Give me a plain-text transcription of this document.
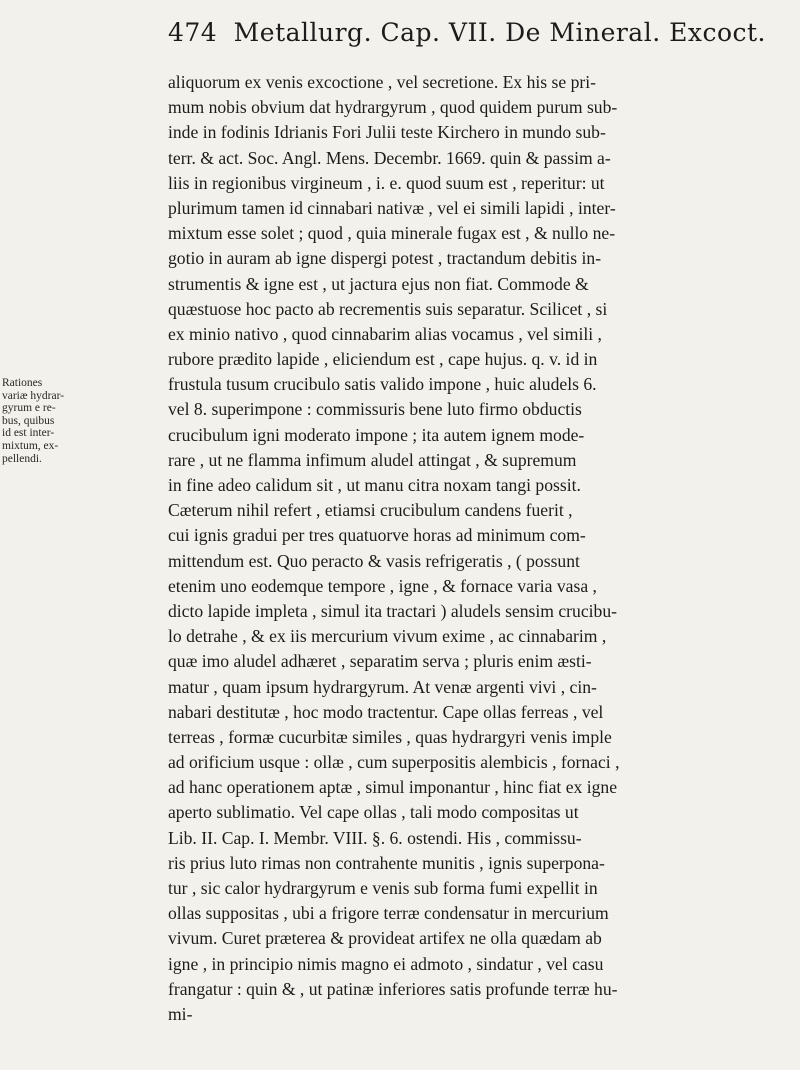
474 Metallurg. Cap. VII. De Mineral. Excoct.
Rationes
variæ hydrar-
gyrum e re-
bus, quibus
id est inter-
mixtum, ex-
pellendi.
aliquorum ex venis excoctione , vel secretione. Ex his se pri-
mum nobis obvium dat hydrargyrum , quod quidem purum sub-
inde in fodinis Idrianis Fori Julii teste Kirchero in mundo sub-
terr. & act. Soc. Angl. Mens. Decembr. 1669. quin & passim a-
liis in regionibus virgineum , i. e. quod suum est , reperitur: ut
plurimum tamen id cinnabari nativæ , vel ei simili lapidi , inter-
mixtum esse solet ; quod , quia minerale fugax est , & nullo ne-
gotio in auram ab igne dispergi potest , tractandum debitis in-
strumentis & igne est , ut jactura ejus non fiat. Commode &
quæstuose hoc pacto ab recrementis suis separatur. Scilicet , si
ex minio nativo , quod cinnabarim alias vocamus , vel simili ,
rubore prædito lapide , eliciendum est , cape hujus. q. v. id in
frustula tusum crucibulo satis valido impone , huic aludels 6.
vel 8. superimpone : commissuris bene luto firmo obductis
crucibulum igni moderato impone ; ita autem ignem mode-
rare , ut ne flamma infimum aludel attingat , & supremum
in fine adeo calidum sit , ut manu citra noxam tangi possit.
Cæterum nihil refert , etiamsi crucibulum candens fuerit ,
cui ignis gradui per tres quatuorve horas ad minimum com-
mittendum est. Quo peracto & vasis refrigeratis , ( possunt
etenim uno eodemque tempore , igne , & fornace varia vasa ,
dicto lapide impleta , simul ita tractari ) aludels sensim crucibu-
lo detrahe , & ex iis mercurium vivum exime , ac cinnabarim ,
quæ imo aludel adhæret , separatim serva ; pluris enim æsti-
matur , quam ipsum hydrargyrum. At venæ argenti vivi , cin-
nabari destitutæ , hoc modo tractentur. Cape ollas ferreas , vel
terreas , formæ cucurbitæ similes , quas hydrargyri venis imple
ad orificium usque : ollæ , cum superpositis alembicis , fornaci ,
ad hanc operationem aptæ , simul imponantur , hinc fiat ex igne
aperto sublimatio. Vel cape ollas , tali modo compositas ut
Lib. II. Cap. I. Membr. VIII. §. 6. ostendi. His , commissu-
ris prius luto rimas non contrahente munitis , ignis superpona-
tur , sic calor hydrargyrum e venis sub forma fumi expellit in
ollas suppositas , ubi a frigore terræ condensatur in mercurium
vivum. Curet præterea & provideat artifex ne olla quædam ab
igne , in principio nimis magno ei admoto , sindatur , vel casu
frangatur : quin & , ut patinæ inferiores satis profunde terræ hu-
mi-
